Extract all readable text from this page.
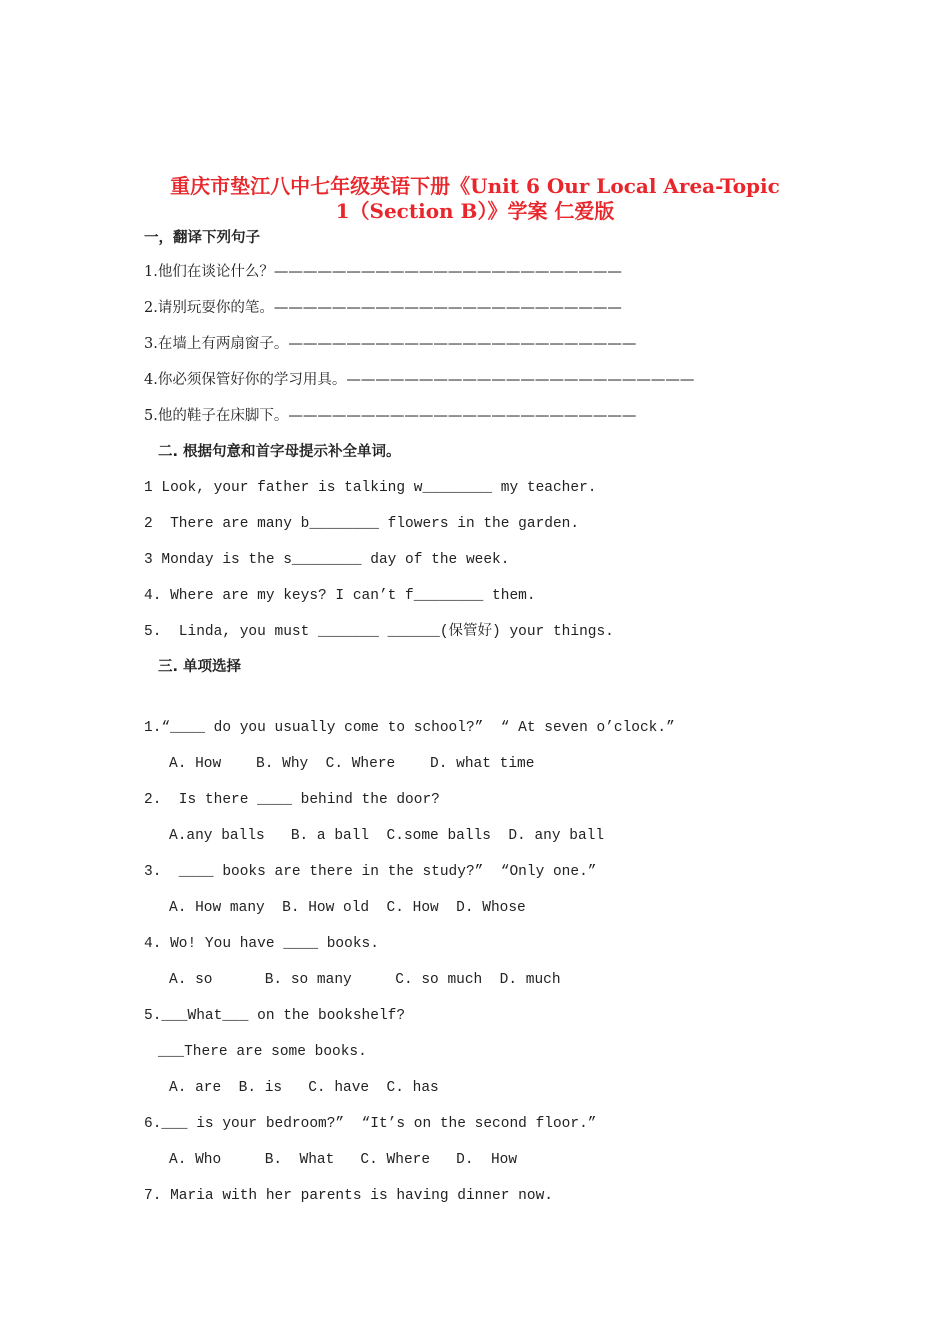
重庆市垫江八中七年级英语下册《Unit 6 Our Local Area-Topic
1（Section B）》学案 仁爱版
一，翻译下列句子
1.他们在谈论什么？————————————————————————
2.请别玩耍你的笔。————————————————————————
3.在墙上有两扇窗子。————————————————————————
4.你必须保管好你的学习用具。————————————————————————
5.他的鞋子在床脚下。————————————————————————
二. 根据句意和首字母提示补全单词。
1 Look, your father is talking w________ my teacher.
2  There are many b________ flowers in the garden.
3 Monday is the s________ day of the week.
4. Where are my keys? I can’t f________ them.
5.  Linda, you must _______ ______(保管好) your things.
三. 单项选择
1.“____ do you usually come to school?”  “ At seven o’clock.”
A. How    B. Why  C. Where    D. what time
2.  Is there ____ behind the door?
A.any balls   B. a ball  C.some balls  D. any ball
3.  ____ books are there in the study?”  “Only one.”
A. How many  B. How old  C. How  D. Whose
4. Wo! You have ____ books.
A. so      B. so many     C. so much  D. much
5.___What___ on the bookshelf?
___There are some books.
A. are  B. is   C. have  C. has
6.___ is your bedroom?”  “It’s on the second floor.”
A. Who     B.  What   C. Where   D.  How
7. Maria with her parents is having dinner now.
